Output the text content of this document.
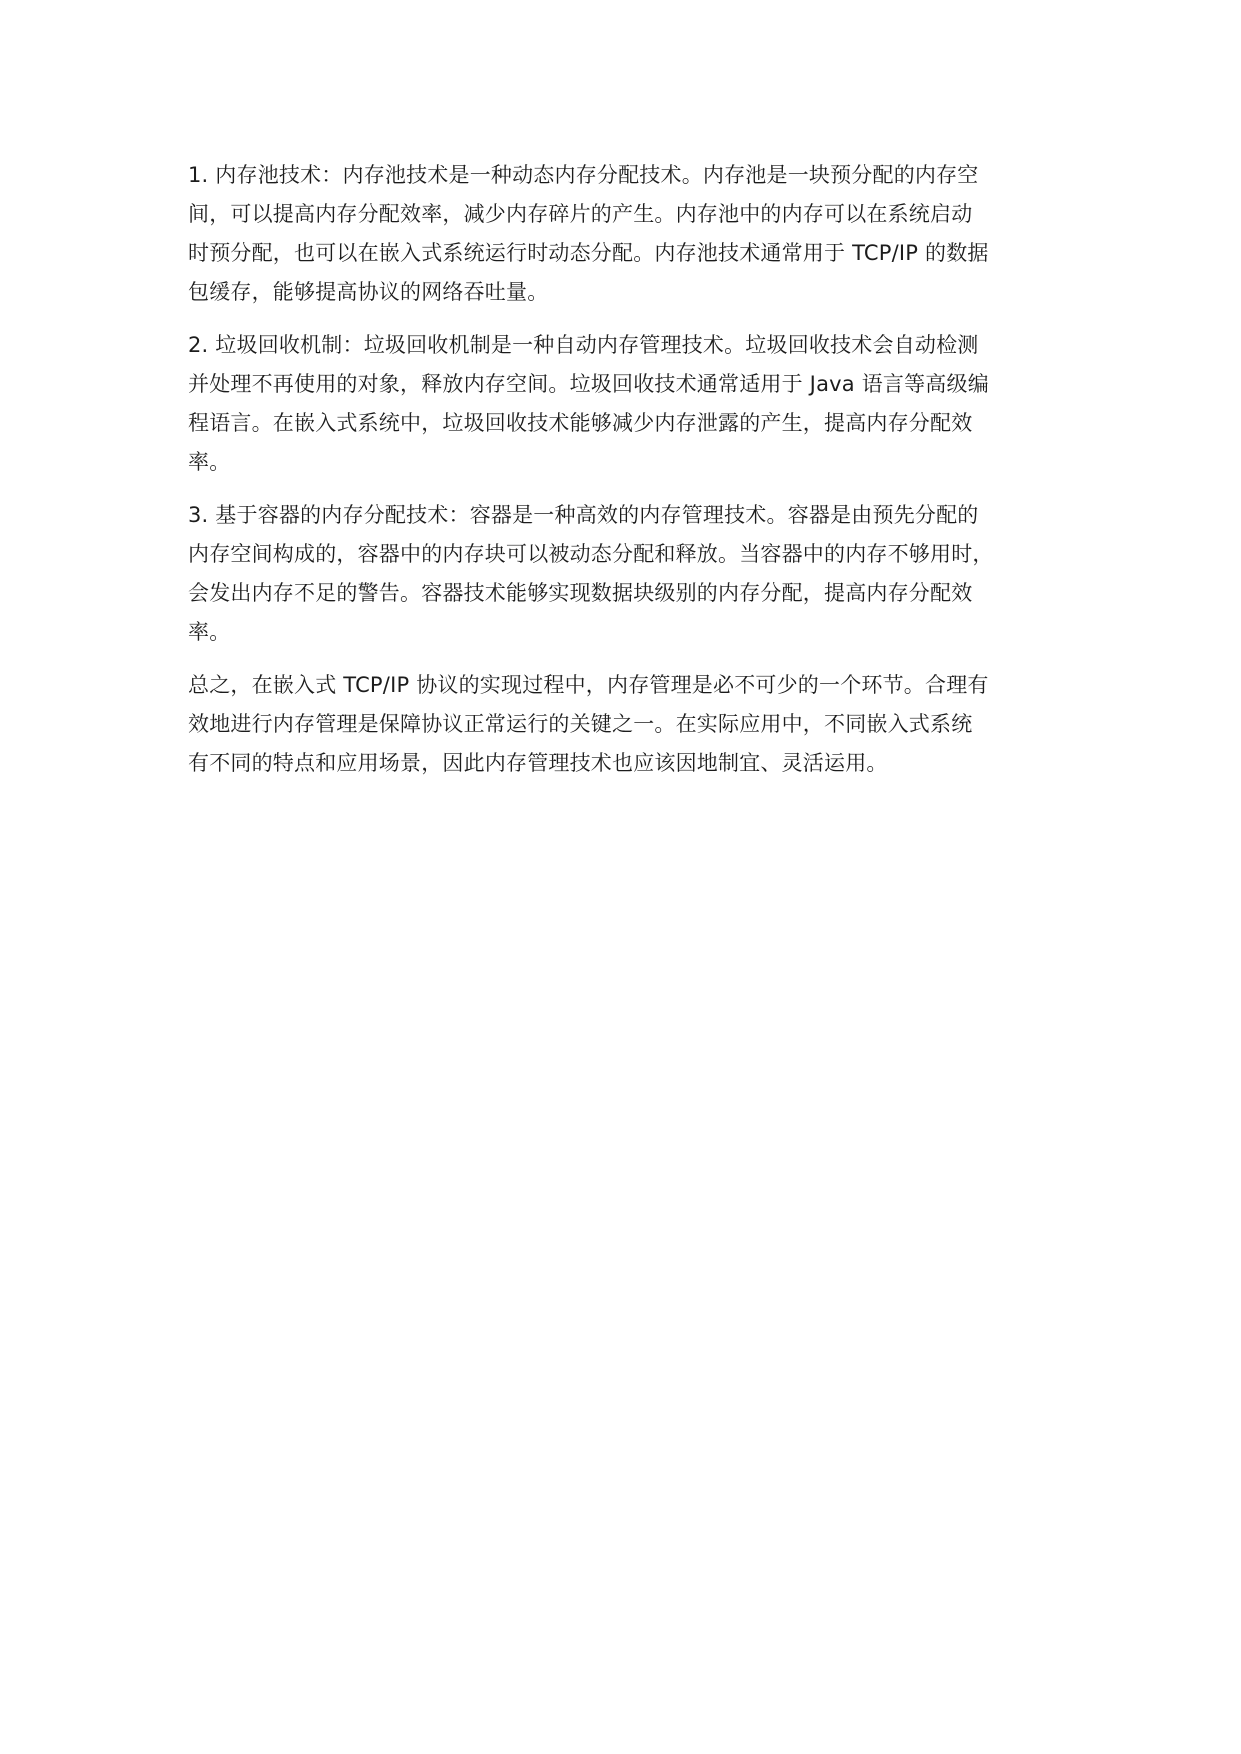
1. 内存池技术：内存池技术是一种动态内存分配技术。内存池是一块预分配的内存空
间，可以提高内存分配效率，减少内存碎片的产生。内存池中的内存可以在系统启动
时预分配，也可以在嵌入式系统运行时动态分配。内存池技术通常用于 TCP/IP 的数据
包缓存，能够提高协议的网络吞吐量。

2. 垃圾回收机制：垃圾回收机制是一种自动内存管理技术。垃圾回收技术会自动检测
并处理不再使用的对象，释放内存空间。垃圾回收技术通常适用于 Java 语言等高级编
程语言。在嵌入式系统中，垃圾回收技术能够减少内存泄露的产生，提高内存分配效
率。

3. 基于容器的内存分配技术：容器是一种高效的内存管理技术。容器是由预先分配的
内存空间构成的，容器中的内存块可以被动态分配和释放。当容器中的内存不够用时，
会发出内存不足的警告。容器技术能够实现数据块级别的内存分配，提高内存分配效
率。

总之，在嵌入式 TCP/IP 协议的实现过程中，内存管理是必不可少的一个环节。合理有
效地进行内存管理是保障协议正常运行的关键之一。在实际应用中，不同嵌入式系统
有不同的特点和应用场景，因此内存管理技术也应该因地制宜、灵活运用。
